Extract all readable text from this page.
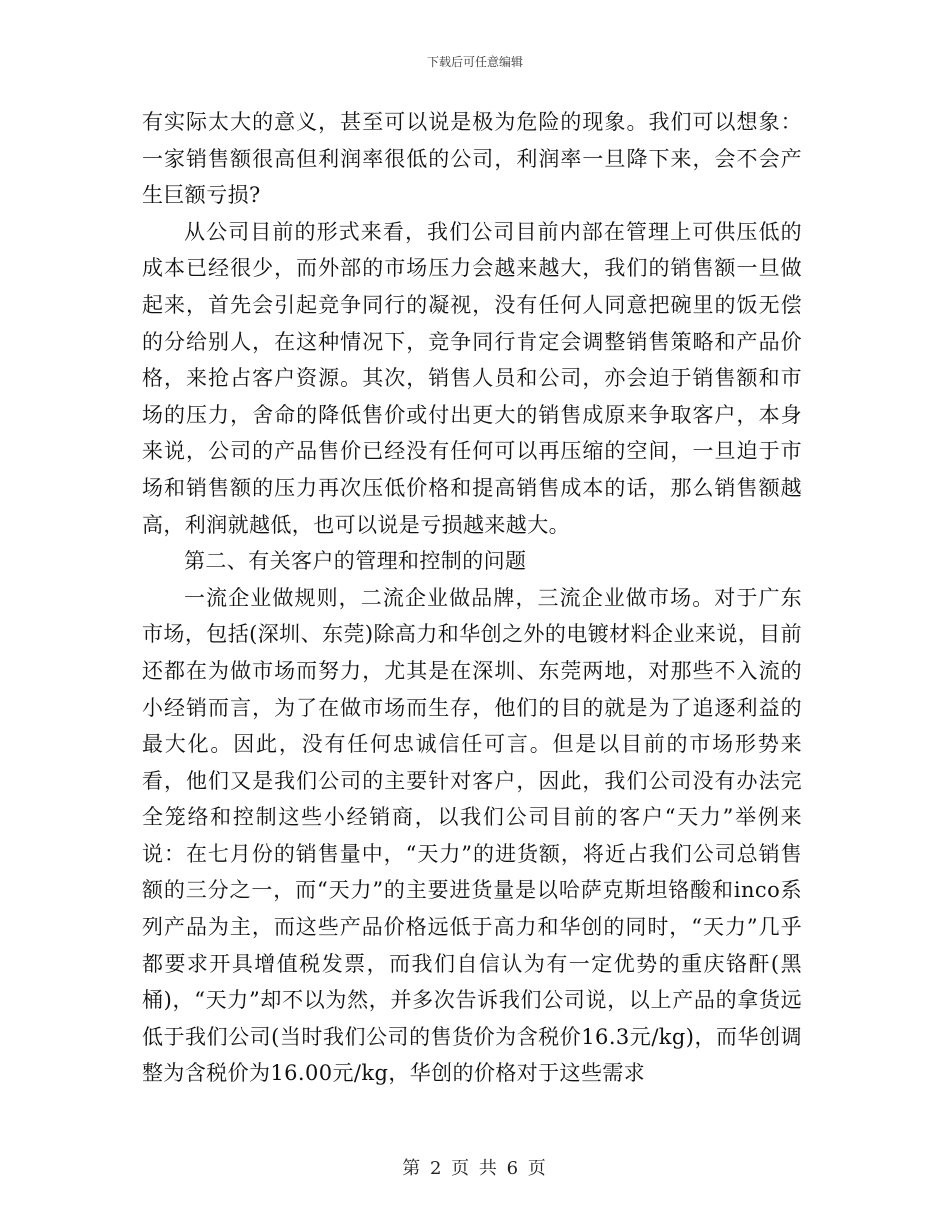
下载后可任意编辑

有实际太大的意义，甚至可以说是极为危险的现象。我们可以想象：一家销售额很高但利润率很低的公司，利润率一旦降下来，会不会产生巨额亏损?

从公司目前的形式来看，我们公司目前内部在管理上可供压低的成本已经很少，而外部的市场压力会越来越大，我们的销售额一旦做起来，首先会引起竞争同行的凝视，没有任何人同意把碗里的饭无偿的分给别人，在这种情况下，竞争同行肯定会调整销售策略和产品价格，来抢占客户资源。其次，销售人员和公司，亦会迫于销售额和市场的压力，舍命的降低售价或付出更大的销售成原来争取客户，本身来说，公司的产品售价已经没有任何可以再压缩的空间，一旦迫于市场和销售额的压力再次压低价格和提高销售成本的话，那么销售额越高，利润就越低，也可以说是亏损越来越大。

第二、有关客户的管理和控制的问题

一流企业做规则，二流企业做品牌，三流企业做市场。对于广东市场，包括(深圳、东莞)除高力和华创之外的电镀材料企业来说，目前还都在为做市场而努力，尤其是在深圳、东莞两地，对那些不入流的小经销而言，为了在做市场而生存，他们的目的就是为了追逐利益的最大化。因此，没有任何忠诚信任可言。但是以目前的市场形势来看，他们又是我们公司的主要针对客户，因此，我们公司没有办法完全笼络和控制这些小经销商，以我们公司目前的客户“天力”举例来说：在七月份的销售量中，“天力”的进货额，将近占我们公司总销售额的三分之一，而“天力”的主要进货量是以哈萨克斯坦铬酸和inco系列产品为主，而这些产品价格远低于高力和华创的同时，“天力”几乎都要求开具增值税发票，而我们自信认为有一定优势的重庆铬酐(黑桶)，“天力”却不以为然，并多次告诉我们公司说，以上产品的拿货远低于我们公司(当时我们公司的售货价为含税价16.3元/kg)，而华创调整为含税价为16.00元/kg，华创的价格对于这些需求

第 2 页 共 6 页
